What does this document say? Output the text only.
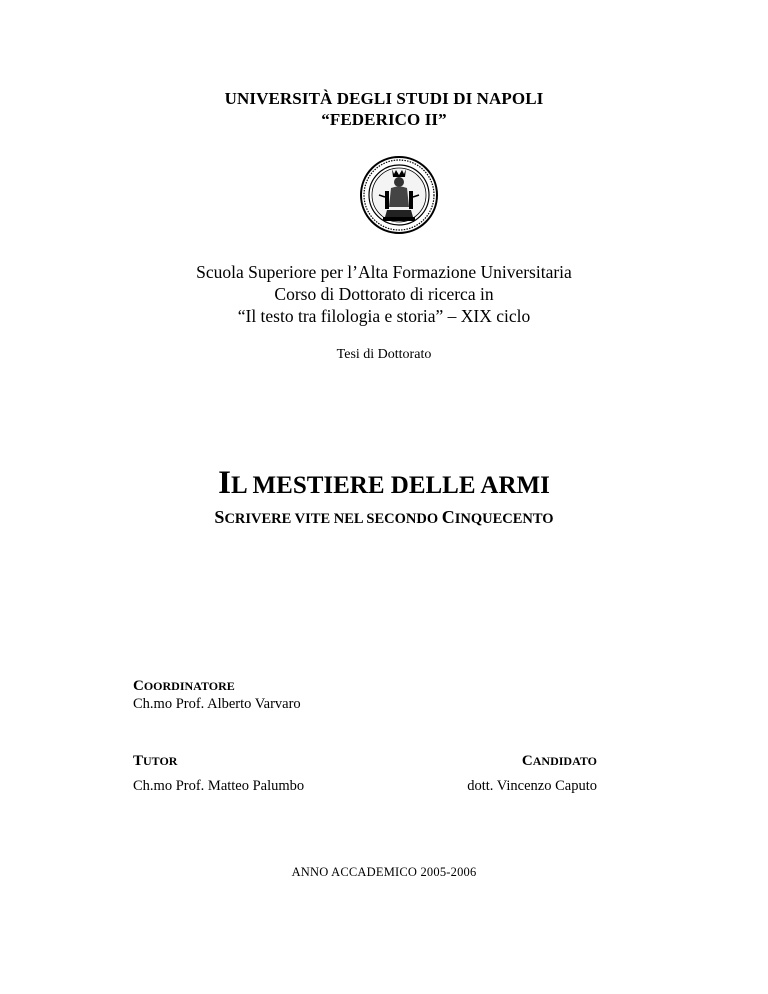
UNIVERSITÀ DEGLI STUDI DI NAPOLI
“FEDERICO II”
Scuola Superiore per l’Alta Formazione Universitaria
Corso di Dottorato di ricerca in
“Il testo tra filologia e storia” – XIX ciclo
Tesi di Dottorato
IL MESTIERE DELLE ARMI
SCRIVERE VITE NEL SECONDO CINQUECENTO
COORDINATORE
Ch.mo Prof. Alberto Varvaro
TUTOR
Ch.mo Prof. Matteo Palumbo
CANDIDATO
dott. Vincenzo Caputo
ANNO ACCADEMICO 2005-2006
